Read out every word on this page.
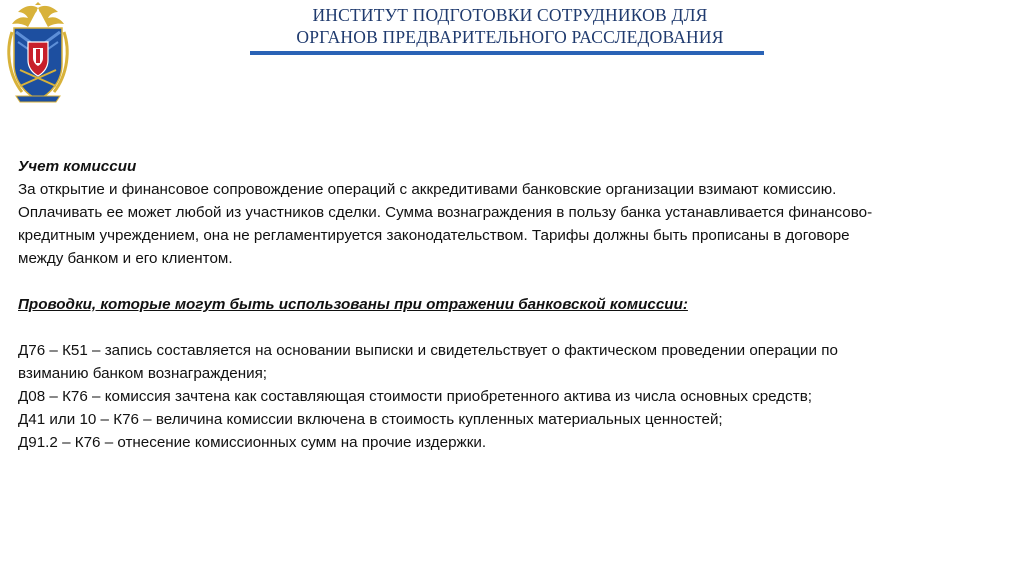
ИНСТИТУТ ПОДГОТОВКИ СОТРУДНИКОВ ДЛЯ
ОРГАНОВ ПРЕДВАРИТЕЛЬНОГО РАССЛЕДОВАНИЯ
Учет комиссии
За открытие и финансовое сопровождение операций с аккредитивами банковские организации взимают комиссию.
Оплачивать ее может любой из участников сделки. Сумма вознаграждения в пользу банка устанавливается финансово-
кредитным учреждением, она не регламентируется законодательством. Тарифы должны быть прописаны в договоре
между банком и его клиентом.
Проводки, которые могут быть использованы при отражении банковской комиссии:
Д76 – К51 – запись составляется на основании выписки и свидетельствует о фактическом проведении операции по
взиманию банком вознаграждения;
Д08 – К76 – комиссия зачтена как составляющая стоимости приобретенного актива из числа основных средств;
Д41 или 10 – К76 – величина комиссии включена в стоимость купленных материальных ценностей;
Д91.2 – К76 – отнесение комиссионных сумм на прочие издержки.
